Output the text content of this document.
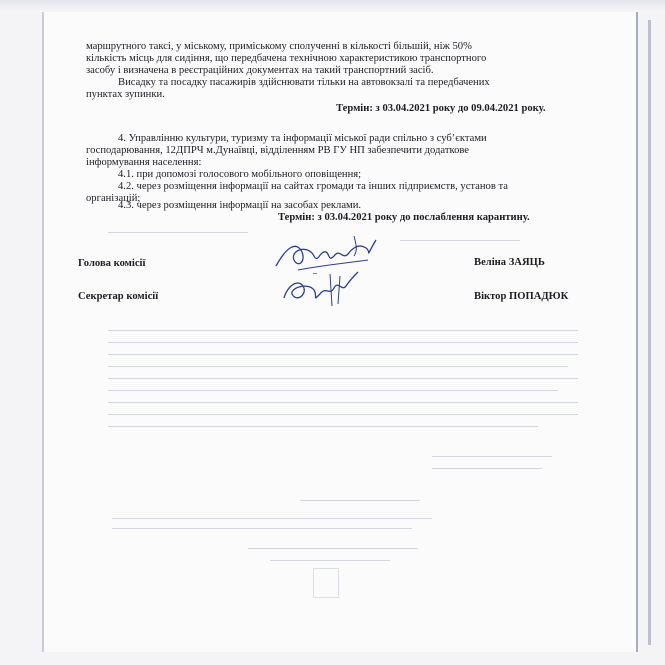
маршрутного таксі, у міському, приміському сполученні в кількості більшій, ніж 50%
кількість місць для сидіння, що передбачена технічною характеристикою транспортного
засобу і визначена в реєстраційних документах на такий транспортний засіб.
Висадку та посадку пасажирів здійснювати тільки на автовокзалі та передбачених
пунктах зупинки.
Термін: з 03.04.2021 року до 09.04.2021 року.
4. Управлінню культури, туризму та інформації міської ради спільно з суб’єктами
господарювання, 12ДПРЧ м.Дунаївці, відділенням РВ ГУ НП забезпечити додаткове
інформування населення:
4.1. при допомозі голосового мобільного оповіщення;
4.2. через розміщення інформації на сайтах громади та інших підприємств, установ та
організацій;
4.3. через розміщення інформації на засобах реклами.
Термін: з 03.04.2021 року до послаблення карантину.
Голова комісії	Веліна ЗАЯЦЬ
Секретар комісії	Віктор ПОПАДЮК
~
